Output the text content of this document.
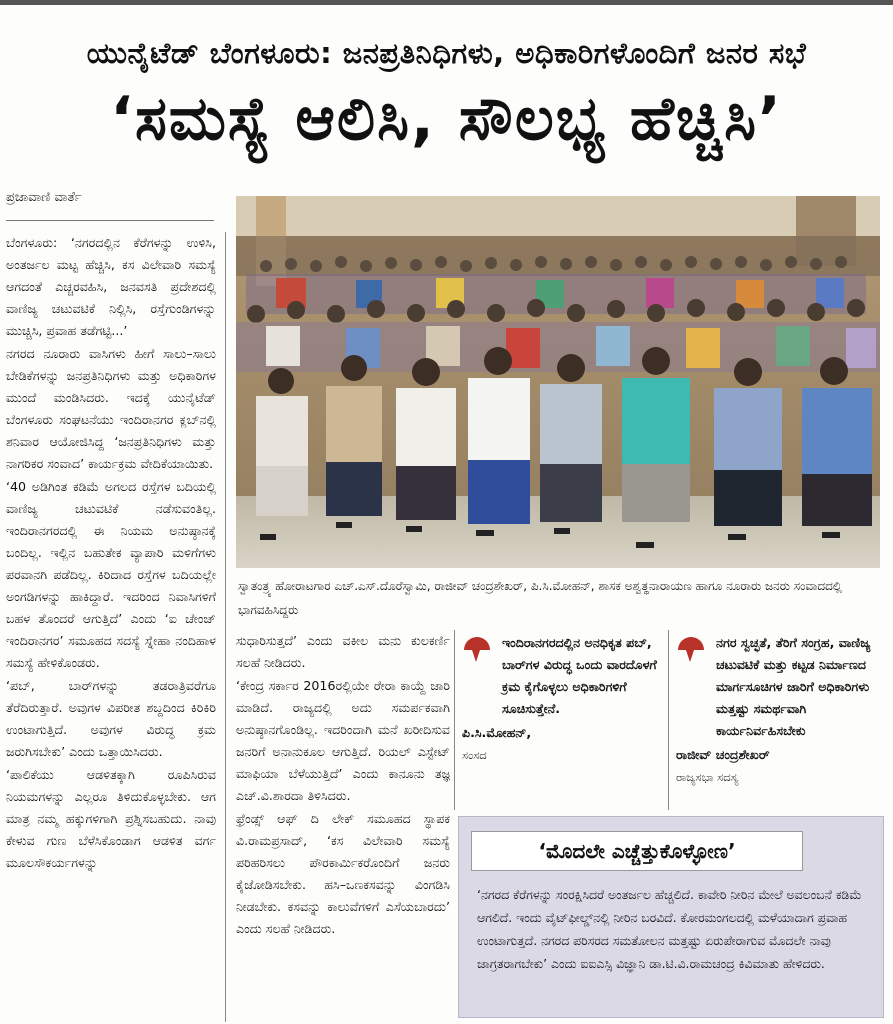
ಯುನೈಟೆಡ್ ಬೆಂಗಳೂರು: ಜನಪ್ರತಿನಿಧಿಗಳು, ಅಧಿಕಾರಿಗಳೊಂದಿಗೆ ಜನರ ಸಭೆ
‘ಸಮಸ್ಯೆ ಆಲಿಸಿ, ಸೌಲಭ್ಯ ಹೆಚ್ಚಿಸಿ’
ಪ್ರಜಾವಾಣಿ ವಾರ್ತೆ

ಬೆಂಗಳೂರು: ‘ನಗರದಲ್ಲಿನ ಕೆರೆಗಳನ್ನು ಉಳಿಸಿ, ಅಂತರ್ಜಲ ಮಟ್ಟ ಹೆಚ್ಚಿಸಿ, ಕಸ ವಿಲೇವಾರಿ ಸಮಸ್ಯೆ ಆಗದಂತೆ ಎಚ್ಚರವಹಿಸಿ, ಜನವಸತಿ ಪ್ರದೇಶದಲ್ಲಿ ವಾಣಿಜ್ಯ ಚಟುವಟಿಕೆ ನಿಲ್ಲಿಸಿ, ರಸ್ತೆಗುಂಡಿಗಳನ್ನು ಮುಚ್ಚಿಸಿ, ಪ್ರವಾಹ ತಡೆಗಟ್ಟಿ...’

ನಗರದ ನೂರಾರು ವಾಸಿಗಳು ಹೀಗೆ ಸಾಲು–ಸಾಲು ಬೇಡಿಕೆಗಳನ್ನು ಜನಪ್ರತಿನಿಧಿಗಳು ಮತ್ತು ಅಧಿಕಾರಿಗಳ ಮುಂದೆ ಮಂಡಿಸಿದರು. ಇದಕ್ಕೆ ಯುನೈಟೆಡ್ ಬೆಂಗಳೂರು ಸಂಘಟನೆಯು ಇಂದಿರಾನಗರ ಕ್ಲಬ್‌ನಲ್ಲಿ ಶನಿವಾರ ಆಯೋಜಿಸಿದ್ದ ‘ಜನಪ್ರತಿನಿಧಿಗಳು ಮತ್ತು ನಾಗರಿಕರ ಸಂವಾದ’ ಕಾರ್ಯಕ್ರಮ ವೇದಿಕೆಯಾಯಿತು.

‘40 ಅಡಿಗಿಂತ ಕಡಿಮೆ ಅಗಲದ ರಸ್ತೆಗಳ ಬದಿಯಲ್ಲಿ ವಾಣಿಜ್ಯ ಚಟುವಟಿಕೆ ನಡೆಸುವಂತಿಲ್ಲ. ಇಂದಿರಾನಗರದಲ್ಲಿ ಈ ನಿಯಮ ಅನುಷ್ಠಾನಕ್ಕೆ ಬಂದಿಲ್ಲ. ಇಲ್ಲಿನ ಬಹುತೇಕ ವ್ಯಾಪಾರಿ ಮಳಿಗೆಗಳು ಪರವಾನಗಿ ಪಡೆದಿಲ್ಲ. ಕಿರಿದಾದ ರಸ್ತೆಗಳ ಬದಿಯಲ್ಲೇ ಅಂಗಡಿಗಳನ್ನು ಹಾಕಿದ್ದಾರೆ. ಇದರಿಂದ ನಿವಾಸಿಗಳಿಗೆ ಬಹಳ ತೊಂದರೆ ಆಗುತ್ತಿದೆ’ ಎಂದು ‘ಐ ಚೇಂಜ್ ಇಂದಿರಾನಗರ’ ಸಮೂಹದ ಸದಸ್ಯೆ ಸ್ನೇಹಾ ನಂದಿಹಾಳ ಸಮಸ್ಯೆ ಹೇಳಿಕೊಂಡರು.

‘ಪಬ್, ಬಾರ್‌ಗಳನ್ನು ತಡರಾತ್ರಿವರೆಗೂ ತೆರೆದಿರುತ್ತಾರೆ. ಅವುಗಳ ವಿಪರೀತ ಶಬ್ದದಿಂದ ಕಿರಿಕಿರಿ ಉಂಟಾಗುತ್ತಿದೆ. ಅವುಗಳ ವಿರುದ್ಧ ಕ್ರಮ ಜರುಗಿಸಬೇಕು’ ಎಂದು ಒತ್ತಾಯಿಸಿದರು.

‘ಪಾಲಿಕೆಯು ಆಡಳಿತಕ್ಕಾಗಿ ರೂಪಿಸಿರುವ ನಿಯಮಗಳನ್ನು ಎಲ್ಲರೂ ತಿಳಿದುಕೊಳ್ಳಬೇಕು. ಆಗ ಮಾತ್ರ ನಮ್ಮ ಹಕ್ಕುಗಳಿಗಾಗಿ ಪ್ರಶ್ನಿಸಬಹುದು. ನಾವು ಕೇಳುವ ಗುಣ ಬೆಳೆಸಿಕೊಂಡಾಗ ಆಡಳಿತ ವರ್ಗ ಮೂಲಸೌಕರ್ಯಗಳನ್ನು

ಸ್ವಾತಂತ್ರ್ಯ ಹೋರಾಟಗಾರ ಎಚ್.ಎಸ್.ದೊರೆಸ್ವಾಮಿ, ರಾಜೀವ್ ಚಂದ್ರಶೇಖರ್, ಪಿ.ಸಿ.ಮೋಹನ್, ಶಾಸಕ ಅಶ್ವತ್ಥನಾರಾಯಣ ಹಾಗೂ ನೂರಾರು ಜನರು ಸಂವಾದದಲ್ಲಿ ಭಾಗವಹಿಸಿದ್ದರು

ಸುಧಾರಿಸುತ್ತದೆ’ ಎಂದು ವಕೀಲ ಮನು ಕುಲಕರ್ಣಿ ಸಲಹೆ ನೀಡಿದರು.

‘ಕೇಂದ್ರ ಸರ್ಕಾರ 2016ರಲ್ಲಿಯೇ ರೇರಾ ಕಾಯ್ದೆ ಜಾರಿ ಮಾಡಿದೆ. ರಾಜ್ಯದಲ್ಲಿ ಅದು ಸಮರ್ಪಕವಾಗಿ ಅನುಷ್ಠಾನಗೊಂಡಿಲ್ಲ. ಇದರಿಂದಾಗಿ ಮನೆ ಖರೀದಿಸುವ ಜನರಿಗೆ ಅನಾನುಕೂಲ ಆಗುತ್ತಿದೆ. ರಿಯಲ್ ಎಸ್ಟೇಟ್ ಮಾಫಿಯಾ ಬೆಳೆಯುತ್ತಿದೆ’ ಎಂದು ಕಾನೂನು ತಜ್ಞ ಎಚ್.ವಿ.ಶಾರದಾ ತಿಳಿಸಿದರು.

ಫ್ರೆಂಡ್ಸ್ ಆಫ್ ದಿ ಲೇಕ್ ಸಮೂಹದ ಸ್ಥಾಪಕ ವಿ.ರಾಮಪ್ರಸಾದ್, ‘ಕಸ ವಿಲೇವಾರಿ ಸಮಸ್ಯೆ ಪರಿಹರಿಸಲು ಪೌರಕಾರ್ಮಿಕರೊಂದಿಗೆ ಜನರು ಕೈಜೋಡಿಸಬೇಕು. ಹಸಿ–ಒಣಕಸವನ್ನು ವಿಂಗಡಿಸಿ ನೀಡಬೇಕು. ಕಸವನ್ನು ಕಾಲುವೆಗಳಿಗೆ ಎಸೆಯಬಾರದು’ ಎಂದು ಸಲಹೆ ನೀಡಿದರು.

ಇಂದಿರಾನಗರದಲ್ಲಿನ ಅನಧಿಕೃತ ಪಬ್, ಬಾರ್‌ಗಳ ವಿರುದ್ಧ ಒಂದು ವಾರದೊಳಗೆ ಕ್ರಮ ಕೈಗೊಳ್ಳಲು ಅಧಿಕಾರಿಗಳಿಗೆ ಸೂಚಿಸುತ್ತೇನೆ.
ಪಿ.ಸಿ.ಮೋಹನ್,
ಸಂಸದ
ನಗರ ಸ್ವಚ್ಛತೆ, ತೆರಿಗೆ ಸಂಗ್ರಹ, ವಾಣಿಜ್ಯ ಚಟುವಟಿಕೆ ಮತ್ತು ಕಟ್ಟಡ ನಿರ್ಮಾಣದ ಮಾರ್ಗಸೂಚಿಗಳ ಜಾರಿಗೆ ಅಧಿಕಾರಿಗಳು ಮತ್ತಷ್ಟು ಸಮರ್ಥವಾಗಿ ಕಾರ್ಯನಿರ್ವಹಿಸಬೇಕು
ರಾಜೀವ್ ಚಂದ್ರಶೇಖರ್
ರಾಜ್ಯಸಭಾ ಸದಸ್ಯ
‘ಮೊದಲೇ ಎಚ್ಚೆತ್ತುಕೊಳ್ಳೋಣ’
‘ನಗರದ ಕೆರೆಗಳನ್ನು ಸಂರಕ್ಷಿಸಿದರೆ ಅಂತರ್ಜಲ ಹೆಚ್ಚಲಿದೆ. ಕಾವೇರಿ ನೀರಿನ ಮೇಲೆ ಅವಲಂಬನೆ ಕಡಿಮೆ ಆಗಲಿದೆ. ಇಂದು ವೈಟ್‌ಫೀಲ್ಡ್‌ನಲ್ಲಿ ನೀರಿನ ಬರವಿದೆ. ಕೋರಮಂಗಲದಲ್ಲಿ ಮಳೆಯಾದಾಗ ಪ್ರವಾಹ ಉಂಟಾಗುತ್ತದೆ. ನಗರದ ಪರಿಸರದ ಸಮತೋಲನ ಮತ್ತಷ್ಟು ಏರುಪೇರಾಗುವ ಮೊದಲೇ ನಾವು ಜಾಗ್ರತರಾಗಬೇಕು’ ಎಂದು ಐಐಎಸ್ಸಿ ವಿಜ್ಞಾನಿ ಡಾ.ಟಿ.ವಿ.ರಾಮಚಂದ್ರ ಕಿವಿಮಾತು ಹೇಳಿದರು.
